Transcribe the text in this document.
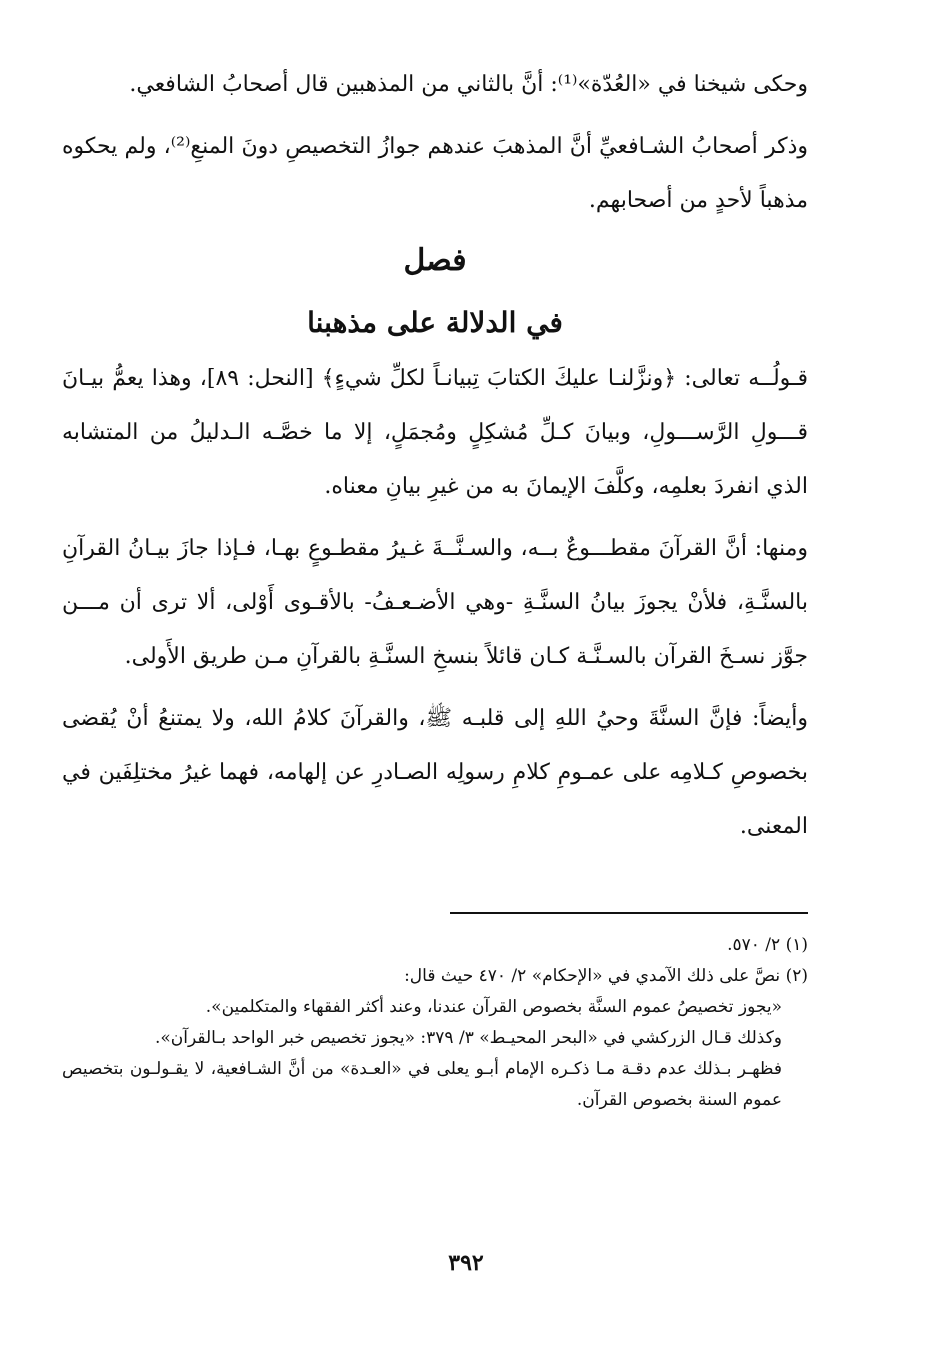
وحكى شيخنا في «العُدّة»⁽¹⁾: أنَّ بالثاني من المذهبين قال أصحابُ الشافعي.

وذكر أصحابُ الشـافعيِّ أنَّ المذهبَ عندهم جوازُ التخصيصِ دونَ المنعِ⁽²⁾، ولم يحكوه مذهباً لأحدٍ من أصحابهم.

فصل
في الدلالة على مذهبنا

قـولُــه تعالى: ﴿ونزَّلنـا عليكَ الكتابَ تِبيانـاً لكلِّ شيءٍ﴾ [النحل: ٨٩]، وهذا يعمُّ بيـانَ قـــولِ الرَّســـولِ، وبيانَ كـلِّ مُشكِلٍ ومُجمَلٍ، إلا ما خصَّـه الـدليلُ من المتشابه الذي انفردَ بعلمِه، وكلَّفَ الإيمانَ به من غيرِ بيانِ معناه.

ومنها: أنَّ القرآنَ مقطـــوعٌ بــه، والسـنَّــةَ غـيرُ مقطـوعٍ بهـا، فـإذا جازَ بيـانُ القرآنِ بالسنَّـةِ، فلأنْ يجوزَ بيانُ السنَّـةِ -وهي الأضـعـفُ- بالأقـوى أَوْلى، ألا ترى أن مـــن جوَّز نسـخَ القرآن بالسـنَّـة كـان قائلاً بنسخِ السنَّـةِ بالقرآنِ مـن طريق الأَولى.

وأيضاً: فإنَّ السنَّةَ وحيُ اللهِ إلى قلبـه ﷺ، والقرآنَ كلامُ الله، ولا يمتنعُ أنْ يُقضى بخصوصِ كـلامِه على عمـومِ كلامِ رسولِه الصـادرِ عن إلهامه، فهما غيرُ مختلِفَين في المعنى.

(١) ٢/ ٥٧٠.

(٢) نصَّ على ذلك الآمدي في «الإحكام» ٢/ ٤٧٠ حيث قال:

«يجوز تخصيصُ عموم السنَّة بخصوص القرآن عندنا، وعند أكثر الفقهاء والمتكلمين».

وكذلك قـال الزركشي في «البحر المحيـط» ٣/ ٣٧٩: «يجوز تخصيص خبر الواحد بـالقرآن».

فظهـر بـذلك عدم دقـة مـا ذكـره الإمام أبـو يعلى في «العـدة» من أنَّ الشـافعية، لا يقـولـون بتخصيص عموم السنة بخصوص القرآن.

٣٩٢
